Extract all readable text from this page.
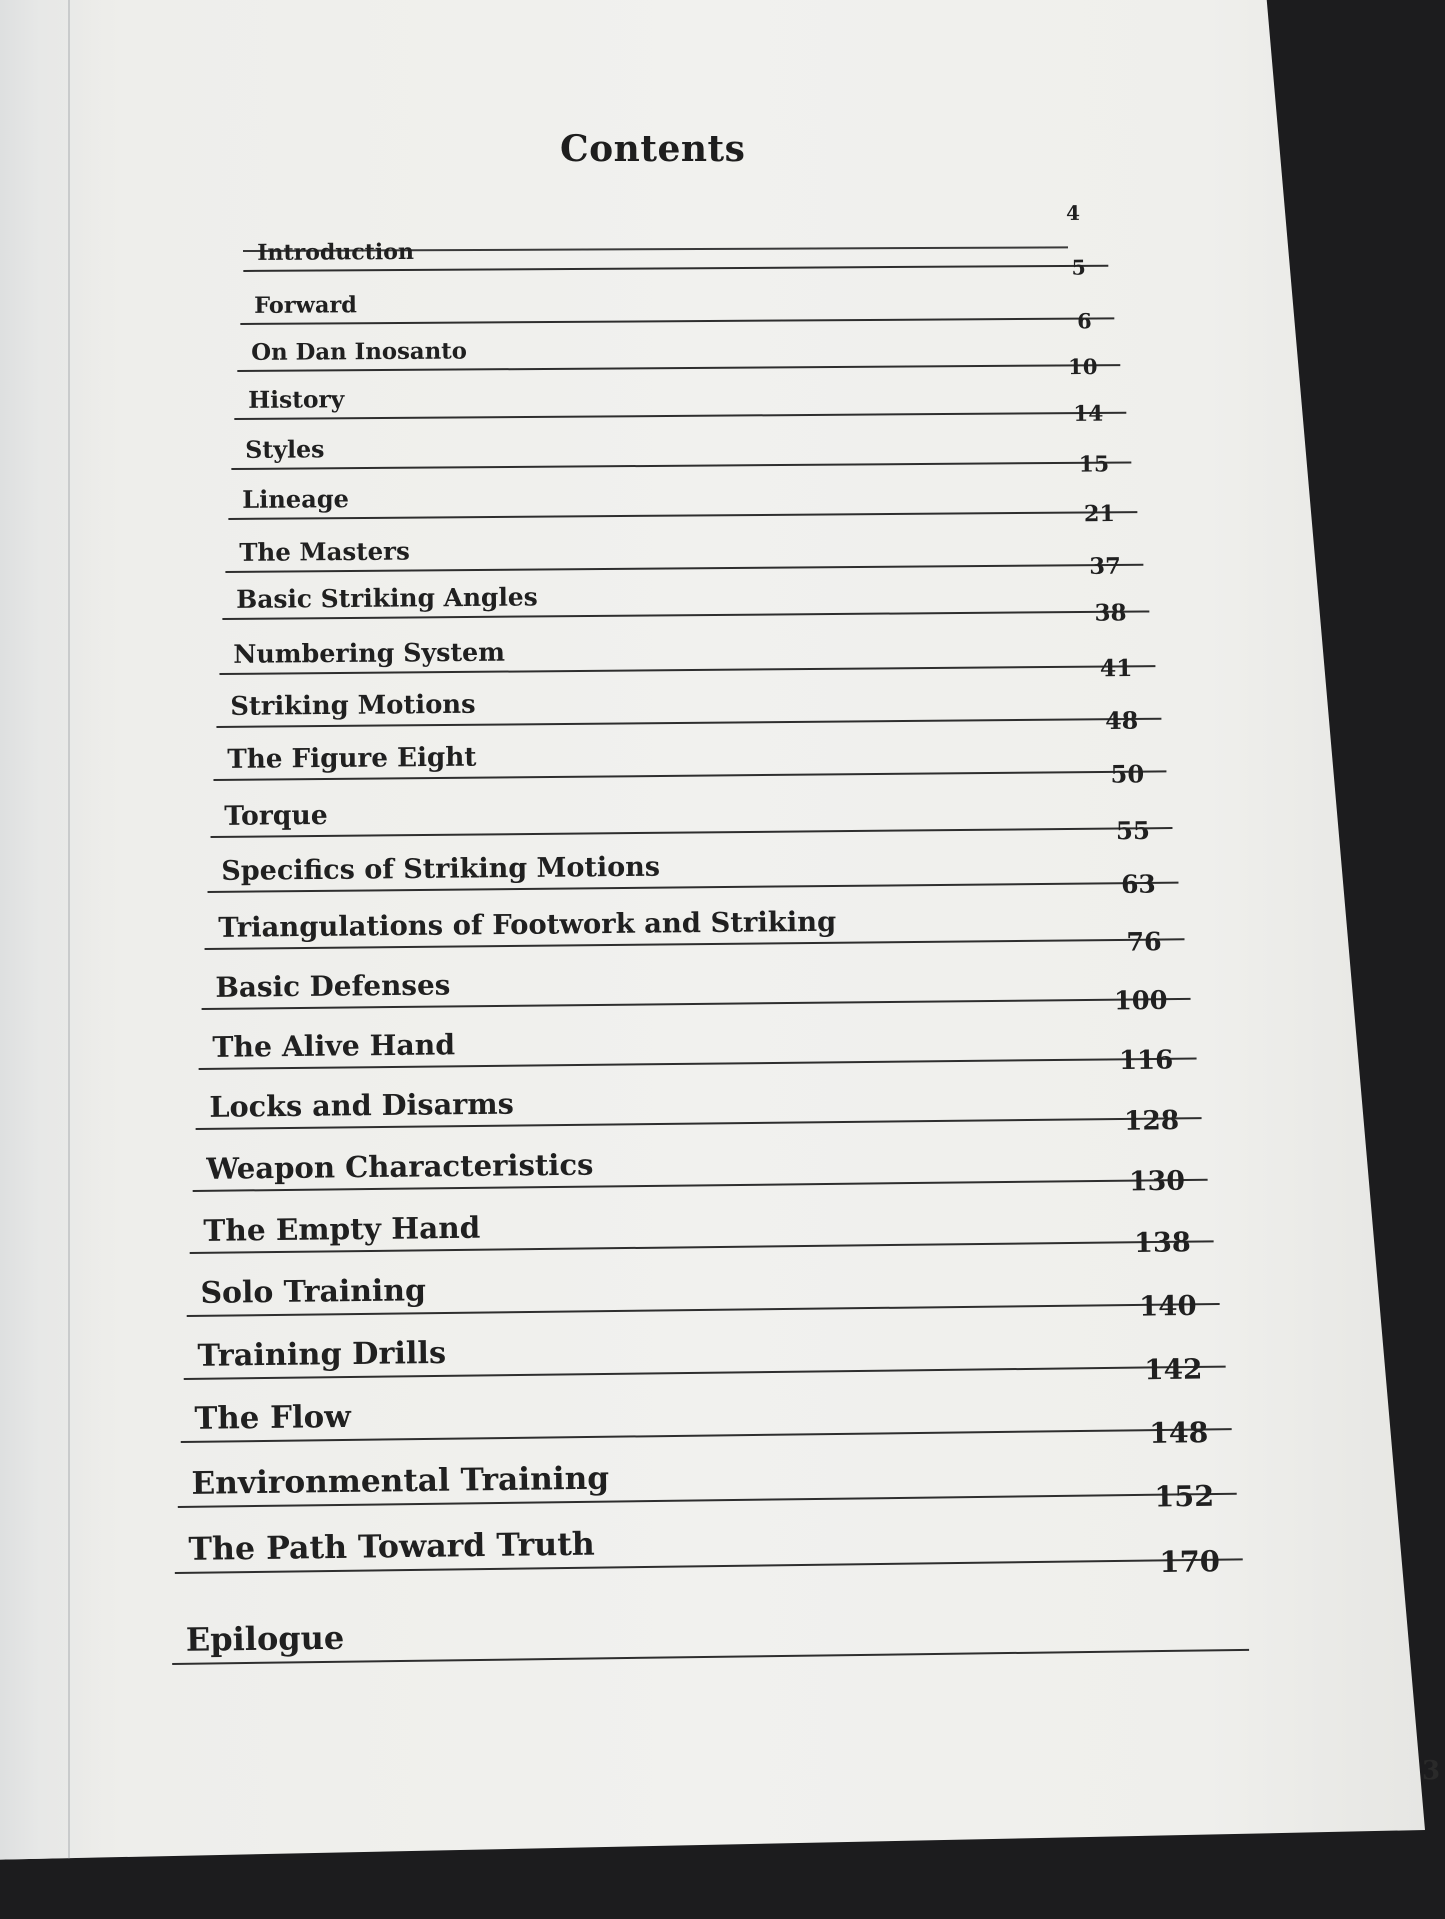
Contents
Introduction
4
Forward
5
On Dan Inosanto
6
History
10
Styles
14
Lineage
15
The Masters
21
Basic Striking Angles
37
Numbering System
38
Striking Motions
41
The Figure Eight
48
Torque
50
Specifics of Striking Motions
55
Triangulations of Footwork and Striking
63
Basic Defenses
76
The Alive Hand
100
Locks and Disarms
116
Weapon Characteristics
128
The Empty Hand
130
Solo Training
138
Training Drills
140
The Flow
142
Environmental Training
148
The Path Toward Truth
152
Epilogue
170
3
